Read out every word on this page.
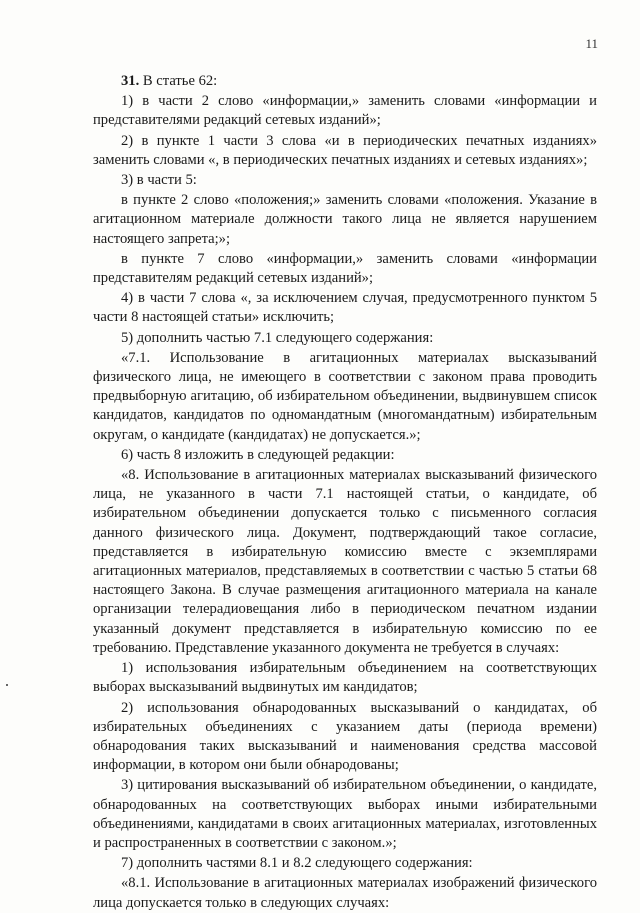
11

31. В статье 62:

1) в части 2 слово «информации,» заменить словами «информации и представителями редакций сетевых изданий»;

2) в пункте 1 части 3 слова «и в периодических печатных изданиях» заменить словами «, в периодических печатных изданиях и сетевых изданиях»;

3) в части 5:

в пункте 2 слово «положения;» заменить словами «положения. Указание в агитационном материале должности такого лица не является нарушением настоящего запрета;»;

в пункте 7 слово «информации,» заменить словами «информации представителям редакций сетевых изданий»;

4) в части 7 слова «, за исключением случая, предусмотренного пунктом 5 части 8 настоящей статьи» исключить;

5) дополнить частью 7.1 следующего содержания:

«7.1. Использование в агитационных материалах высказываний физического лица, не имеющего в соответствии с законом права проводить предвыборную агитацию, об избирательном объединении, выдвинувшем список кандидатов, кандидатов по одномандатным (многомандатным) избирательным округам, о кандидате (кандидатах) не допускается.»;

6) часть 8 изложить в следующей редакции:

«8. Использование в агитационных материалах высказываний физического лица, не указанного в части 7.1 настоящей статьи, о кандидате, об избирательном объединении допускается только с письменного согласия данного физического лица. Документ, подтверждающий такое согласие, представляется в избирательную комиссию вместе с экземплярами агитационных материалов, представляемых в соответствии с частью 5 статьи 68 настоящего Закона. В случае размещения агитационного материала на канале организации телерадиовещания либо в периодическом печатном издании указанный документ представляется в избирательную комиссию по ее требованию. Представление указанного документа не требуется в случаях:

1) использования избирательным объединением на соответствующих выборах высказываний выдвинутых им кандидатов;

2) использования обнародованных высказываний о кандидатах, об избирательных объединениях с указанием даты (периода времени) обнародования таких высказываний и наименования средства массовой информации, в котором они были обнародованы;

3) цитирования высказываний об избирательном объединении, о кандидате, обнародованных на соответствующих выборах иными избирательными объединениями, кандидатами в своих агитационных материалах, изготовленных и распространенных в соответствии с законом.»;

7) дополнить частями 8.1 и 8.2 следующего содержания:

«8.1. Использование в агитационных материалах изображений физического лица допускается только в следующих случаях:
